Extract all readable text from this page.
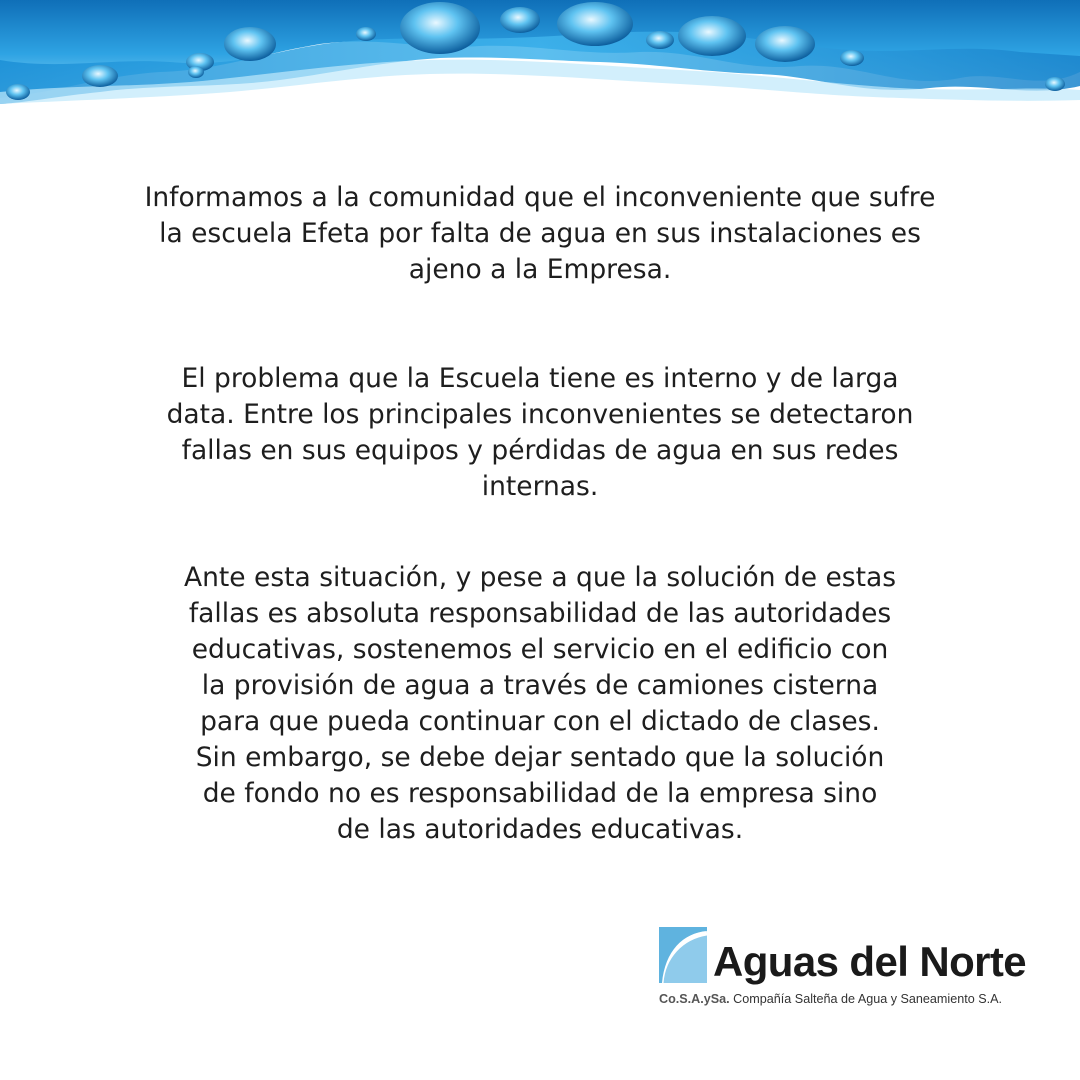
Informamos a la comunidad que el inconveniente que sufre
la escuela Efeta por falta de agua en sus instalaciones es
ajeno a la Empresa.

El problema que la Escuela tiene es interno y de larga
data. Entre los principales inconvenientes se detectaron
fallas en sus equipos y pérdidas de agua en sus redes
internas.

Ante esta situación, y pese a que la solución de estas
fallas es absoluta responsabilidad de las autoridades
educativas, sostenemos el servicio en el edificio con
la provisión de agua a través de camiones cisterna
para que pueda continuar con el dictado de clases.
Sin embargo, se debe dejar sentado que la solución
de fondo no es responsabilidad de la empresa sino
de las autoridades educativas.

Aguas del Norte
Co.S.A.ySa. Compañía Salteña de Agua y Saneamiento S.A.
